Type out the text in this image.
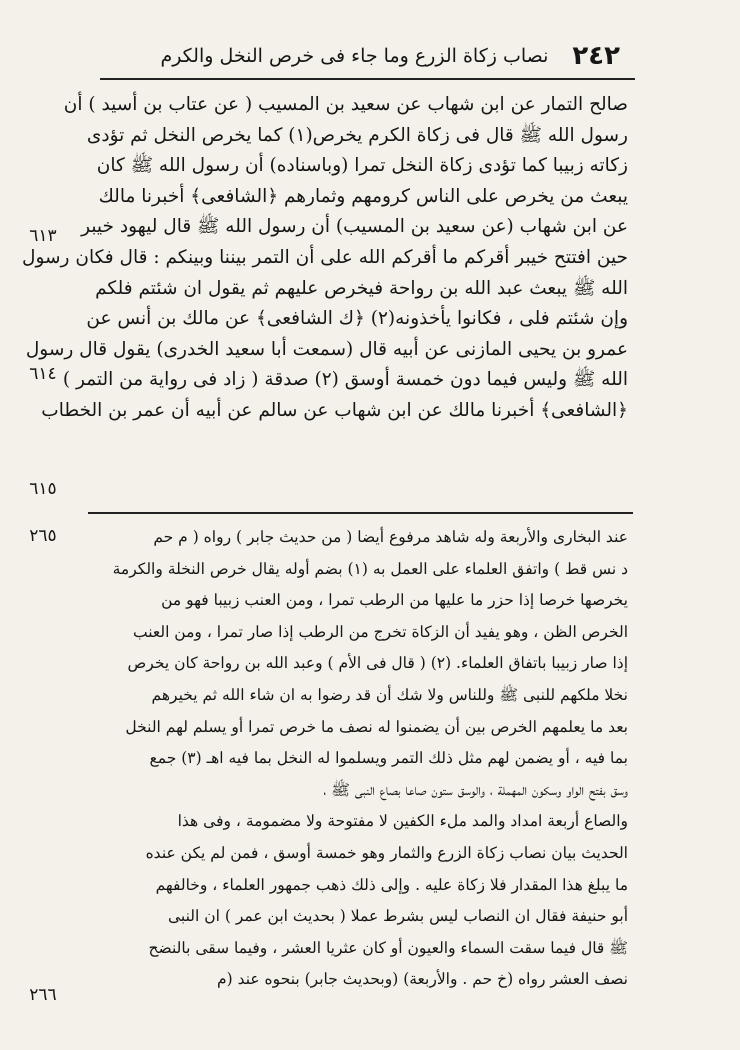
٢٤٢
نصاب زكاة الزرع وما جاء فى خرص النخل والكرم
صالح التمار عن ابن شهاب عن سعيد بن المسيب ( عن عتاب بن أسيد ) أن
رسول الله ﷺ قال فى زكاة الكرم يخرص(١) كما يخرص النخل ثم تؤدى
زكاته زبيبا كما تؤدى زكاة النخل تمرا (وباسناده) أن رسول الله ﷺ كان
يبعث من يخرص على الناس كرومهم وثمارهم ﴿الشافعى﴾ أخبرنا مالك
عن ابن شهاب (عن سعيد بن المسيب) أن رسول الله ﷺ قال ليهود خيبر
حين افتتح خيبر أقركم ما أقركم الله على أن التمر بيننا وبينكم : قال فكان رسول
الله ﷺ يبعث عبد الله بن رواحة فيخرص عليهم ثم يقول ان شئتم فلكم
وإن شئتم فلى ، فكانوا يأخذونه(٢) ﴿ك الشافعى﴾ عن مالك بن أنس عن
عمرو بن يحيى المازنى عن أبيه قال (سمعت أبا سعيد الخدرى) يقول قال رسول
الله ﷺ وليس فيما دون خمسة أوسق (٢) صدقة ( زاد فى رواية من التمر )
﴿الشافعى﴾ أخبرنا مالك عن ابن شهاب عن سالم عن أبيه أن عمر بن الخطاب
٦١٣
٦١٤
٦١٥
عند البخارى والأربعة وله شاهد مرفوع أيضا ( من حديث جابر ) رواه ( م حم
د نس قط ) واتفق العلماء على العمل به (١) بضم أوله يقال خرص النخلة والكرمة
يخرصها خرصا إذا حزر ما عليها من الرطب تمرا ، ومن العنب زبيبا فهو من
الخرص الظن ، وهو يفيد أن الزكاة تخرج من الرطب إذا صار تمرا ، ومن العنب
إذا صار زبيبا باتفاق العلماء. (٢) ( قال فى الأم ) وعبد الله بن رواحة كان يخرص
نخلا ملكهم للنبى ﷺ وللناس ولا شك أن قد رضوا به ان شاء الله ثم يخيرهم
بعد ما يعلمهم الخرص بين أن يضمنوا له نصف ما خرص تمرا أو يسلم لهم النخل
بما فيه ، أو يضمن لهم مثل ذلك التمر ويسلموا له النخل بما فيه اهـ (٣) جمع
وسق بفتح الواو وسكون المهملة ، والوسق ستون صاعا بصاع النبى ﷺ ،
والصاع أربعة امداد والمد ملء الكفين لا مفتوحة ولا مضمومة ، وفى هذا
الحديث بيان نصاب زكاة الزرع والثمار وهو خمسة أوسق ، فمن لم يكن عنده
ما يبلغ هذا المقدار فلا زكاة عليه . وإلى ذلك ذهب جمهور العلماء ، وخالفهم
أبو حنيفة فقال ان النصاب ليس بشرط عملا ( بحديث ابن عمر ) ان النبى
ﷺ قال فيما سقت السماء والعيون أو كان عثريا العشر ، وفيما سقى بالنضح
نصف العشر رواه (خ حم . والأربعة) (وبحديث جابر) بنحوه عند (م
٢٦٥
٢٦٦
